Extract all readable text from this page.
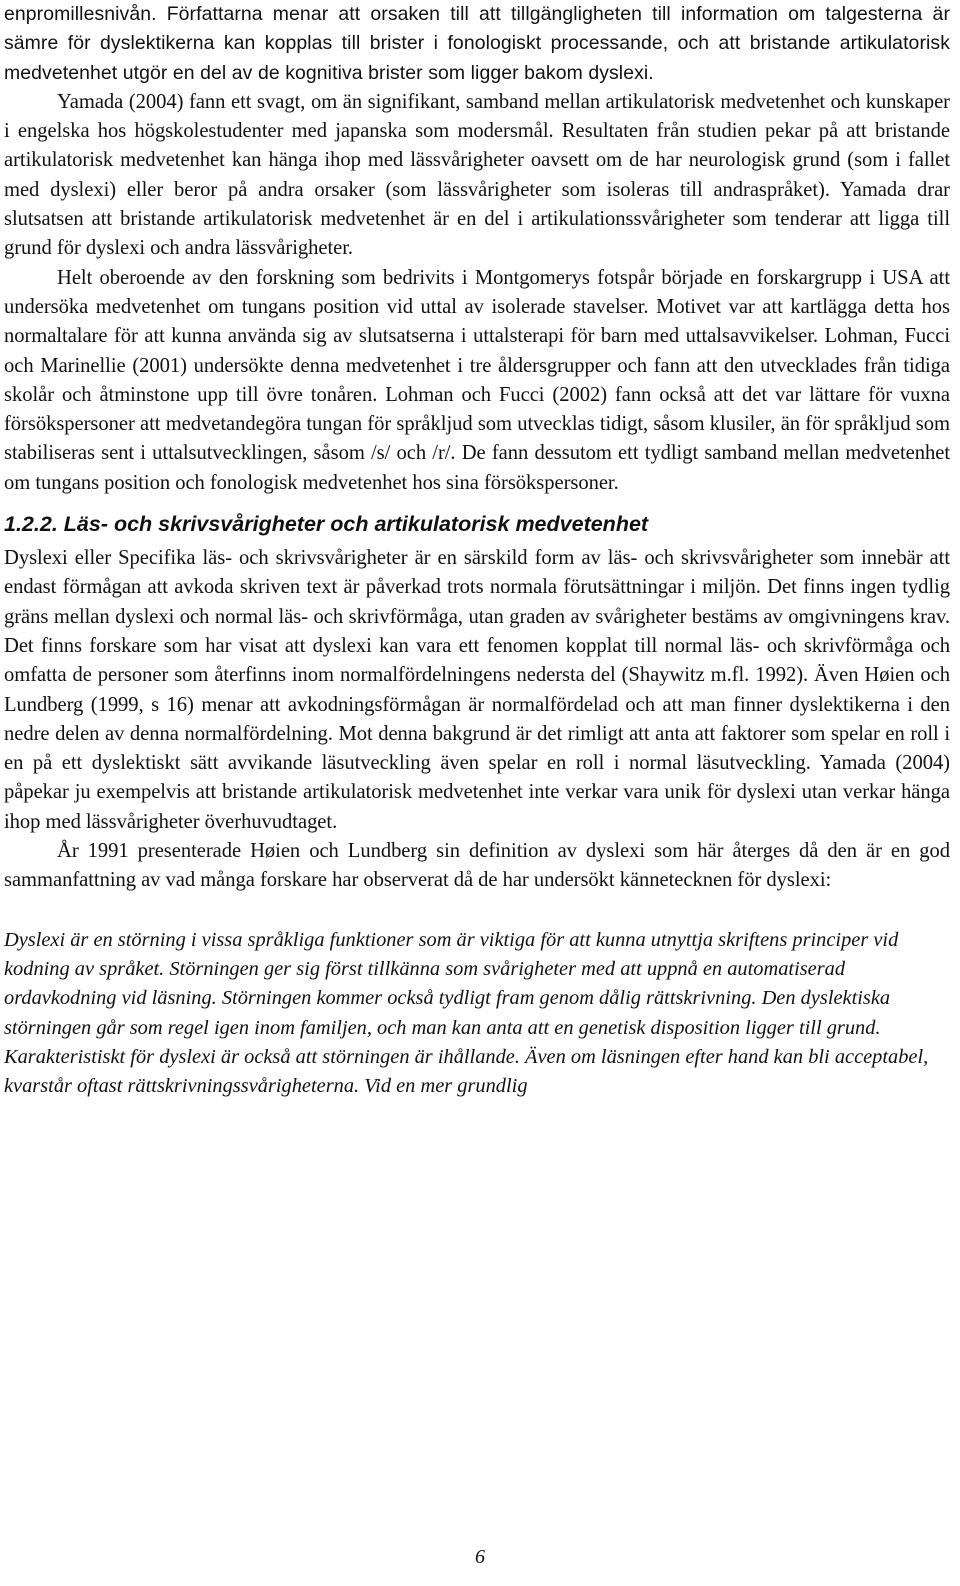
enpromillesnivån. Författarna menar att orsaken till att tillgängligheten till information om talgesterna är sämre för dyslektikerna kan kopplas till brister i fonologiskt processande, och att bristande artikulatorisk medvetenhet utgör en del av de kognitiva brister som ligger bakom dyslexi.

Yamada (2004) fann ett svagt, om än signifikant, samband mellan artikulatorisk medvetenhet och kunskaper i engelska hos högskolestudenter med japanska som modersmål. Resultaten från studien pekar på att bristande artikulatorisk medvetenhet kan hänga ihop med lässvårigheter oavsett om de har neurologisk grund (som i fallet med dyslexi) eller beror på andra orsaker (som lässvårigheter som isoleras till andraspråket). Yamada drar slutsatsen att bristande artikulatorisk medvetenhet är en del i artikulationssvårigheter som tenderar att ligga till grund för dyslexi och andra lässvårigheter.

Helt oberoende av den forskning som bedrivits i Montgomerys fotspår började en forskargrupp i USA att undersöka medvetenhet om tungans position vid uttal av isolerade stavelser. Motivet var att kartlägga detta hos normaltalare för att kunna använda sig av slutsatserna i uttalsterapi för barn med uttalsavvikelser. Lohman, Fucci och Marinellie (2001) undersökte denna medvetenhet i tre åldersgrupper och fann att den utvecklades från tidiga skolår och åtminstone upp till övre tonåren. Lohman och Fucci (2002) fann också att det var lättare för vuxna försökspersoner att medvetandegöra tungan för språkljud som utvecklas tidigt, såsom klusiler, än för språkljud som stabiliseras sent i uttalsutvecklingen, såsom /s/ och /r/. De fann dessutom ett tydligt samband mellan medvetenhet om tungans position och fonologisk medvetenhet hos sina försökspersoner.

1.2.2. Läs- och skrivsvårigheter och artikulatorisk medvetenhet

Dyslexi eller Specifika läs- och skrivsvårigheter är en särskild form av läs- och skrivsvårigheter som innebär att endast förmågan att avkoda skriven text är påverkad trots normala förutsättningar i miljön. Det finns ingen tydlig gräns mellan dyslexi och normal läs- och skrivförmåga, utan graden av svårigheter bestäms av omgivningens krav. Det finns forskare som har visat att dyslexi kan vara ett fenomen kopplat till normal läs- och skrivförmåga och omfatta de personer som återfinns inom normalfördelningens nedersta del (Shaywitz m.fl. 1992). Även Høien och Lundberg (1999, s 16) menar att avkodningsförmågan är normalfördelad och att man finner dyslektikerna i den nedre delen av denna normalfördelning. Mot denna bakgrund är det rimligt att anta att faktorer som spelar en roll i en på ett dyslektiskt sätt avvikande läsutveckling även spelar en roll i normal läsutveckling. Yamada (2004) påpekar ju exempelvis att bristande artikulatorisk medvetenhet inte verkar vara unik för dyslexi utan verkar hänga ihop med lässvårigheter överhuvudtaget.

År 1991 presenterade Høien och Lundberg sin definition av dyslexi som här återges då den är en god sammanfattning av vad många forskare har observerat då de har undersökt kännetecknen för dyslexi:

Dyslexi är en störning i vissa språkliga funktioner som är viktiga för att kunna utnyttja skriftens principer vid kodning av språket. Störningen ger sig först tillkänna som svårigheter med att uppnå en automatiserad ordavkodning vid läsning. Störningen kommer också tydligt fram genom dålig rättskrivning. Den dyslektiska störningen går som regel igen inom familjen, och man kan anta att en genetisk disposition ligger till grund. Karakteristiskt för dyslexi är också att störningen är ihållande. Även om läsningen efter hand kan bli acceptabel, kvarstår oftast rättskrivningssvårigheterna. Vid en mer grundlig

6
